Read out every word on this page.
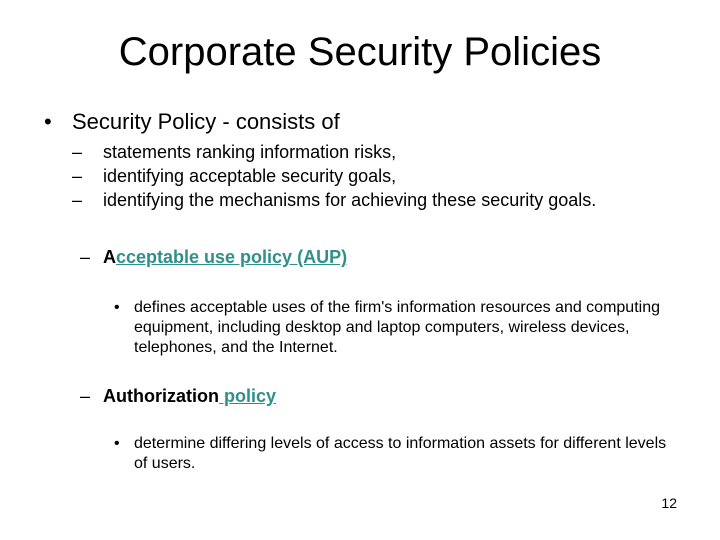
Corporate Security Policies
• Security Policy - consists of
– statements ranking information risks,
– identifying acceptable security goals,
– identifying the mechanisms for achieving these security goals.
– Acceptable use policy (AUP)
• defines acceptable uses of the firm's information resources and computing equipment, including desktop and laptop computers, wireless devices, telephones, and the Internet.
– Authorization policy
• determine differing levels of access to information assets for different levels of users.
12
